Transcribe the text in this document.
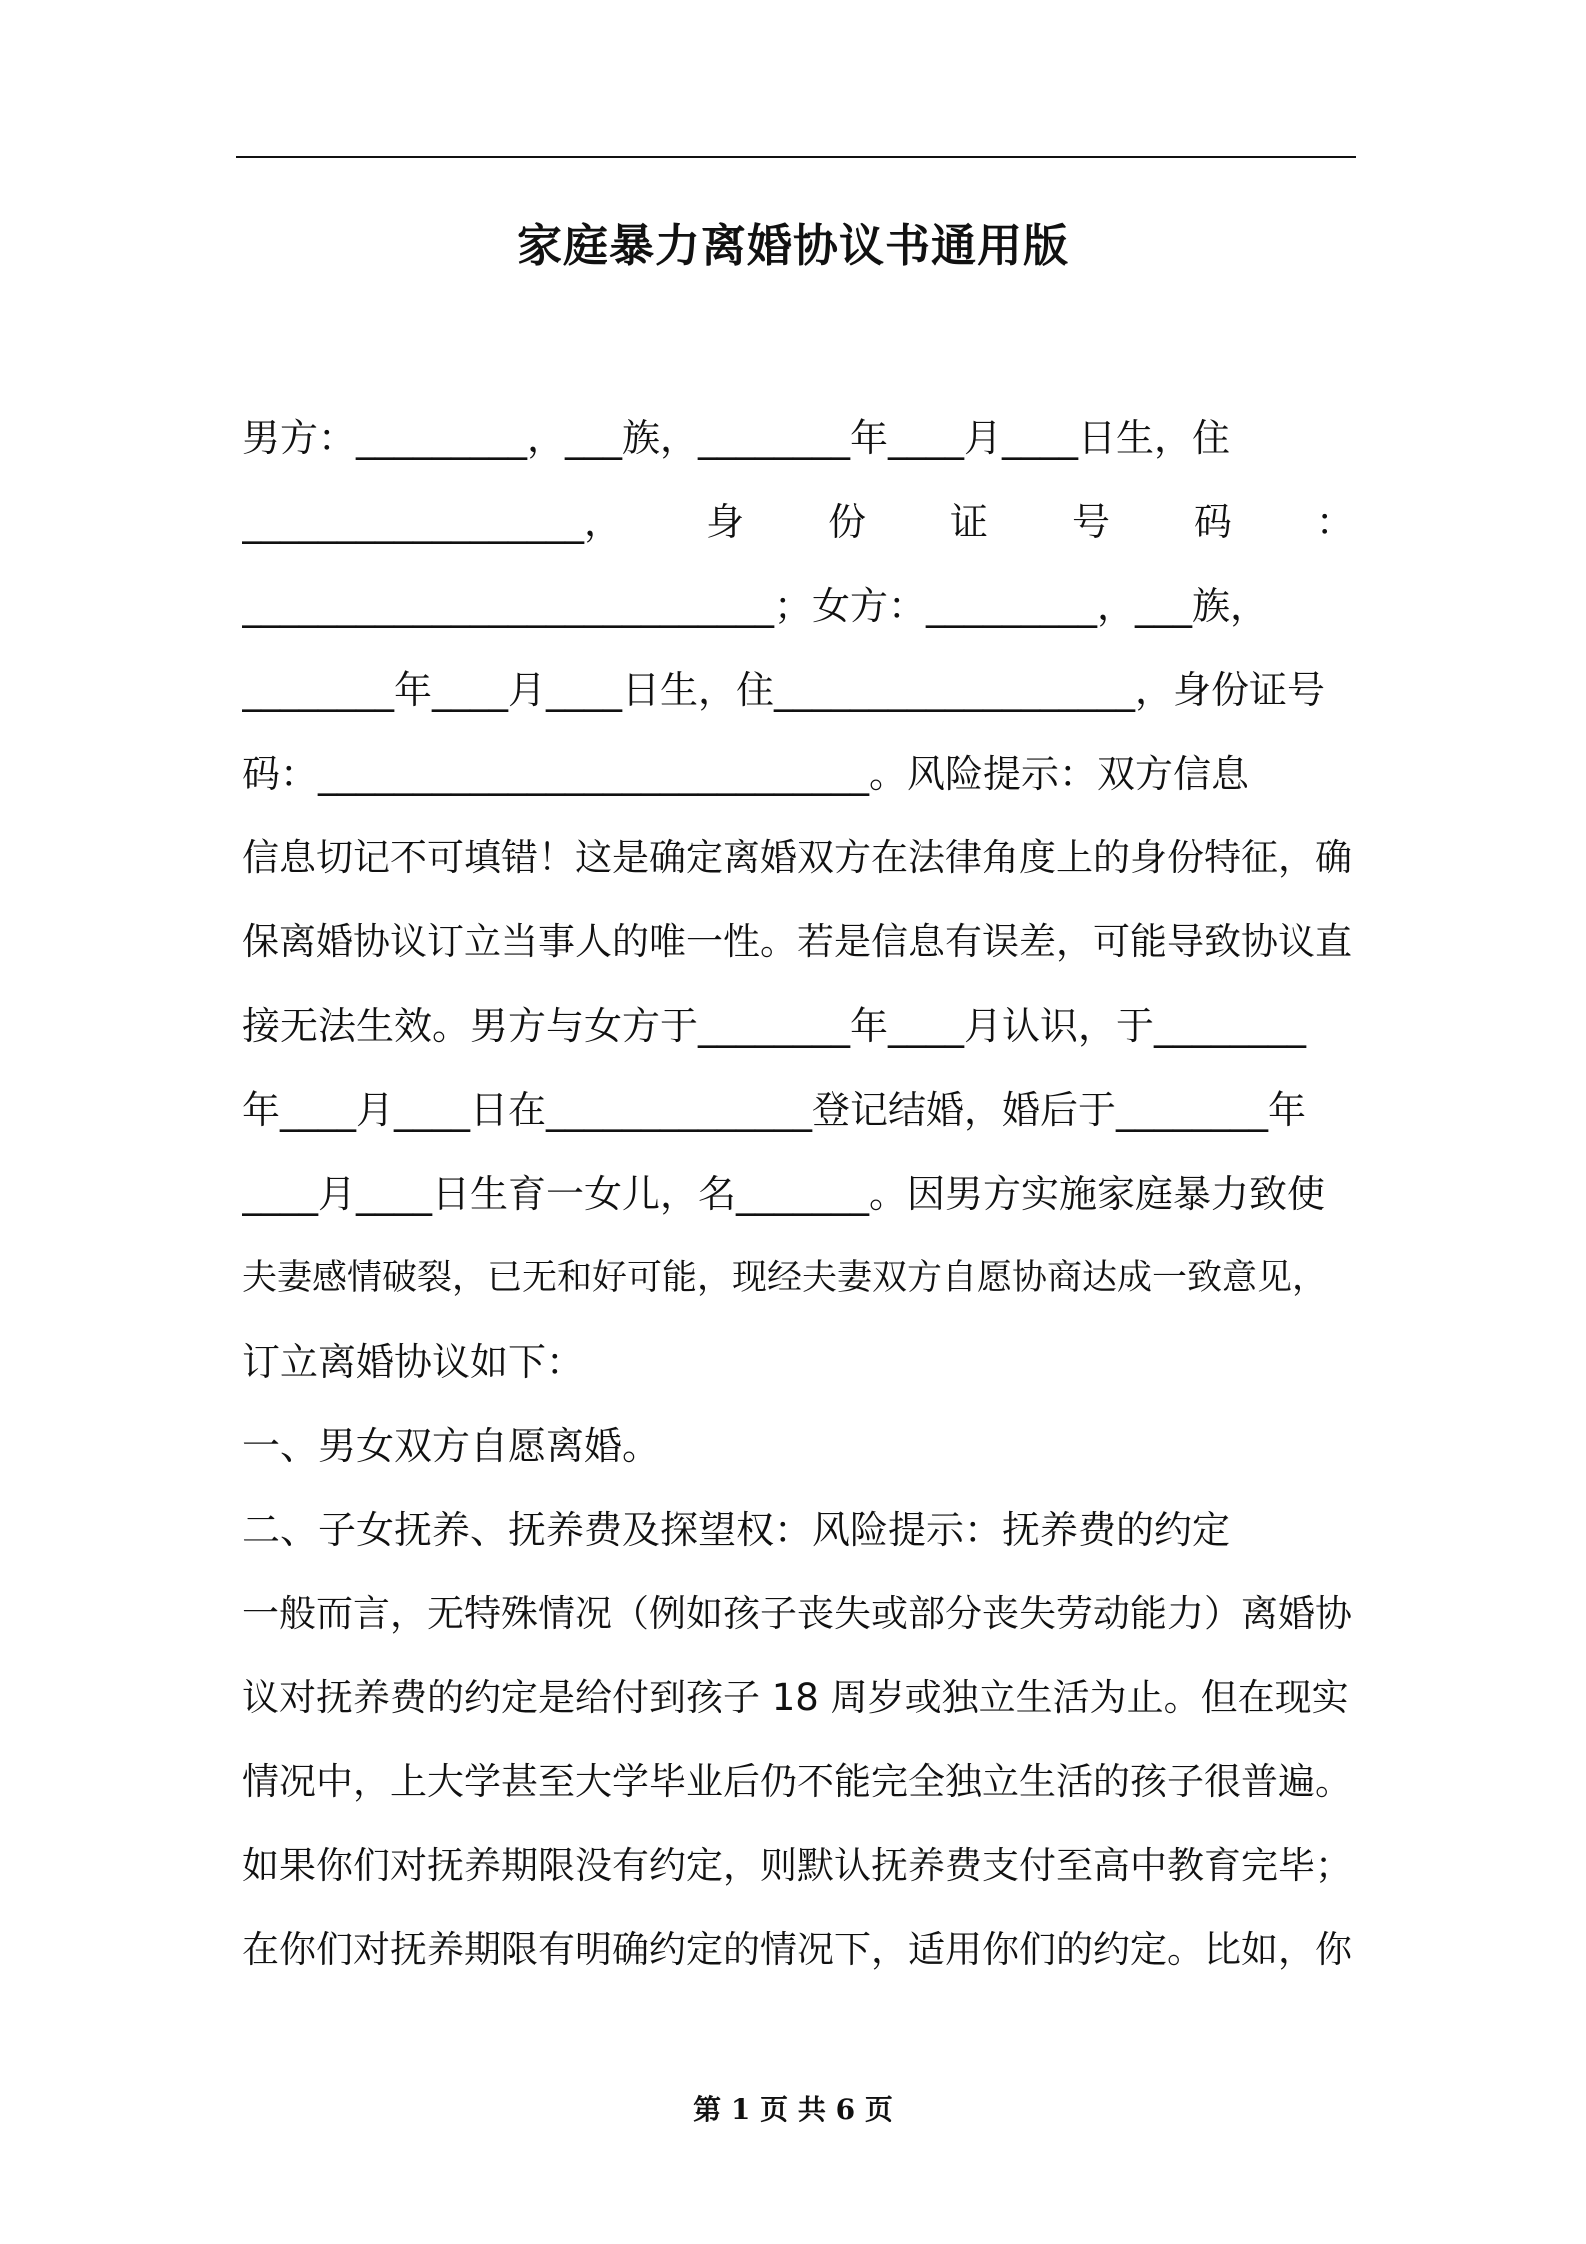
家庭暴力离婚协议书通用版
男方：_________，___族，________年____月____日生，住
__________________， 身 份 证 号 码 ：
____________________________；女方：_________，___族，
________年____月____日生，住___________________，身份证号
码：_____________________________。风险提示：双方信息
信息切记不可填错！这是确定离婚双方在法律角度上的身份特征，确
保离婚协议订立当事人的唯一性。若是信息有误差，可能导致协议直
接无法生效。男方与女方于________年____月认识，于________
年____月____日在______________登记结婚，婚后于________年
____月____日生育一女儿，名_______。因男方实施家庭暴力致使
夫妻感情破裂，已无和好可能，现经夫妻双方自愿协商达成一致意见，
订立离婚协议如下：
一、男女双方自愿离婚。
二、子女抚养、抚养费及探望权：风险提示：抚养费的约定
一般而言，无特殊情况（例如孩子丧失或部分丧失劳动能力）离婚协
议对抚养费的约定是给付到孩子 18 周岁或独立生活为止。但在现实
情况中，上大学甚至大学毕业后仍不能完全独立生活的孩子很普遍。
如果你们对抚养期限没有约定，则默认抚养费支付至高中教育完毕；
在你们对抚养期限有明确约定的情况下，适用你们的约定。比如，你
第 1 页 共 6 页
